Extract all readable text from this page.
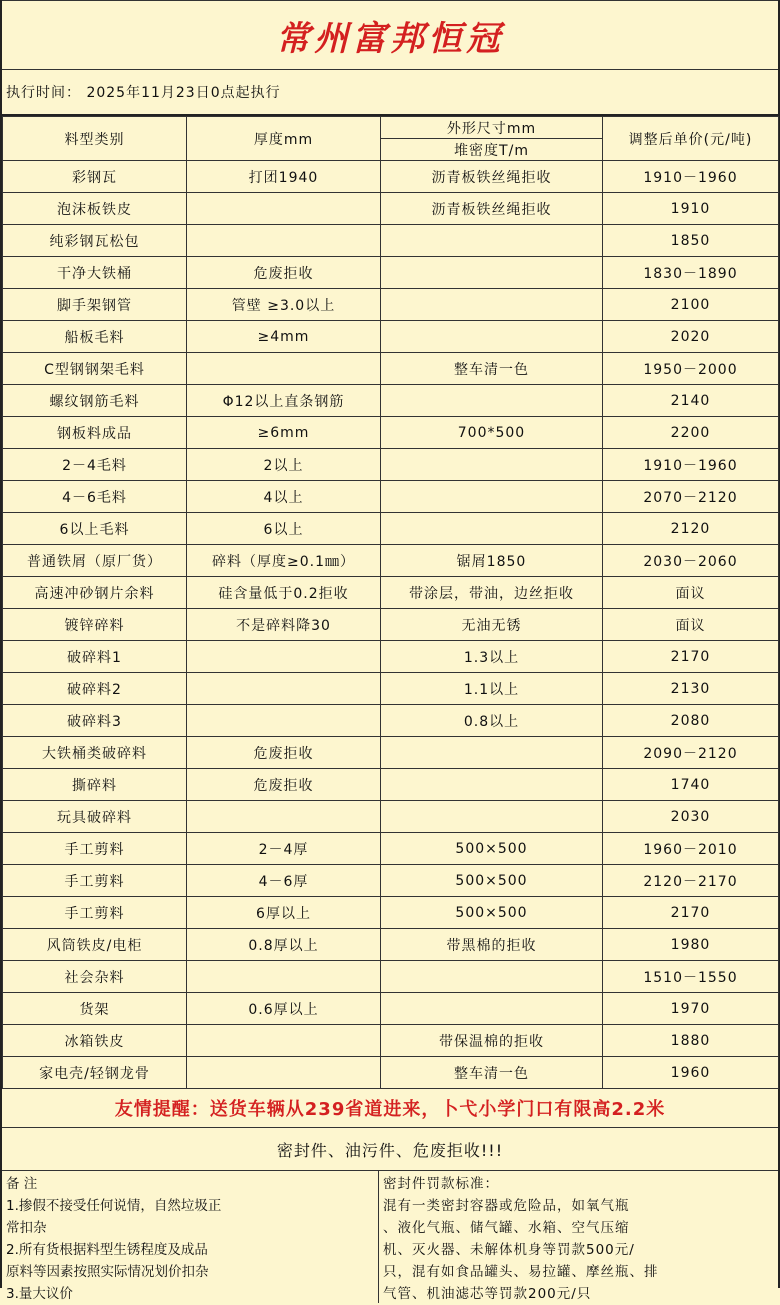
常州富邦恒冠
执行时间： 2025年11月23日0点起执行
料型类别	厚度mm	外形尺寸mm	调整后单价(元/吨)
		堆密度T/m	
彩钢瓦	打团1940	沥青板铁丝绳拒收	1910－1960
泡沫板铁皮		沥青板铁丝绳拒收	1910
纯彩钢瓦松包			1850
干净大铁桶	危废拒收		1830－1890
脚手架钢管	管壁 ≥3.0以上		2100
船板毛料	≥4mm		2020
C型钢钢架毛料		整车清一色	1950－2000
螺纹钢筋毛料	Φ12以上直条钢筋		2140
钢板料成品	≥6mm	700*500	2200
2－4毛料	2以上		1910－1960
4－6毛料	4以上		2070－2120
6以上毛料	6以上		2120
普通铁屑（原厂货）	碎料（厚度≥0.1㎜）	锯屑1850	2030－2060
高速冲砂钢片余料	硅含量低于0.2拒收	带涂层，带油，边丝拒收	面议
镀锌碎料	不是碎料降30	无油无锈	面议
破碎料1		1.3以上	2170
破碎料2		1.1以上	2130
破碎料3		0.8以上	2080
大铁桶类破碎料	危废拒收		2090－2120
撕碎料	危废拒收		1740
玩具破碎料			2030
手工剪料	2－4厚	500×500	1960－2010
手工剪料	4－6厚	500×500	2120－2170
手工剪料	6厚以上	500×500	2170
风筒铁皮/电柜	0.8厚以上	带黑棉的拒收	1980
社会杂料			1510－1550
货架	0.6厚以上		1970
冰箱铁皮		带保温棉的拒收	1880
家电壳/轻钢龙骨		整车清一色	1960
友情提醒：送货车辆从239省道进来，卜弋小学门口有限高2.2米
密封件、油污件、危废拒收!!!
备 注
1.掺假不接受任何说情，自然垃圾正
常扣杂
2.所有货根据料型生锈程度及成品
原料等因素按照实际情况划价扣杂
3.量大议价
密封件罚款标准：
混有一类密封容器或危险品，如氧气瓶
、液化气瓶、储气罐、水箱、空气压缩
机、灭火器、未解体机身等罚款500元/
只，混有如食品罐头、易拉罐、摩丝瓶、排
气管、机油滤芯等罚款200元/只
